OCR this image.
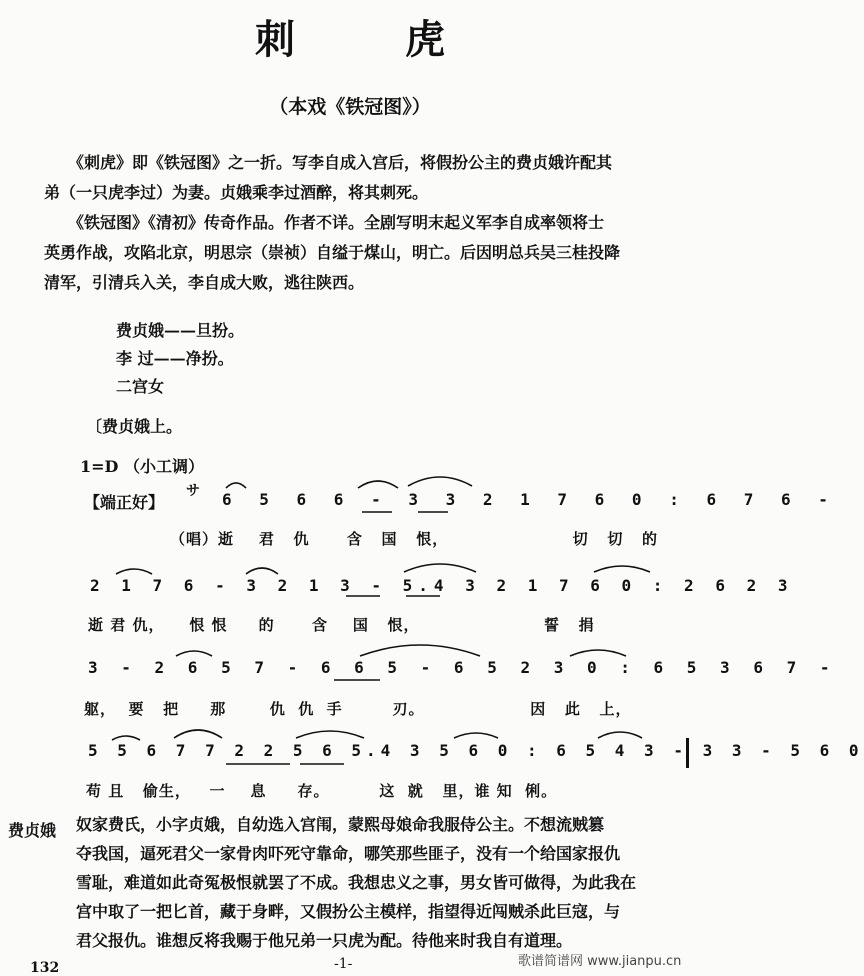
刺 虎
（本戏《铁冠图》）
《刺虎》即《铁冠图》之一折。写李自成入宫后，将假扮公主的费贞娥许配其
弟（一只虎李过）为妻。贞娥乘李过酒醉，将其刺死。
《铁冠图》《清初》传奇作品。作者不详。全剧写明末起义军李自成率领将士
英勇作战，攻陷北京，明思宗（崇祯）自缢于煤山，明亡。后因明总兵吴三桂投降
清军，引清兵入关，李自成大败，逃往陕西。
费贞娥——旦扮。
李 过——净扮。
二宫女
〔费贞娥上。
1=D （小工调）
【端正好】
サ 6 5 6 6 - 3 3 2 1 7 6 0 : 6 7 6 -
（唱）逝    君   仇      含   国   恨，                    切   切   的
2 1 7 6 - 3 2 1 3 - 5.4 3 2 1 7 6 0 : 2 6 2 3
逝 君 仇，    恨 恨     的      含    国   恨，                    誓   捐
3 - 2 6 5 7 - 6 6 5 - 6 5 2 3 0 : 6 5 3 6 7 -
躯，  要   把     那       仇  仇  手        刃。                 因   此   上，
5 5 6 7 7 2 2 5 6 5.4 3 5 6 0 : 6 5 4 3 - 3 3 - 5 6 0
苟 且   偷生，   一    息     存。        这  就   里，谁 知  俐。
费贞娥 奴家费氏，小字贞娥，自幼选入宫闱，蒙熙母娘命我服侍公主。不想流贼篡
夺我国，逼死君父一家骨肉吓死守靠命，哪笑那些匪子，没有一个给国家报仇
雪耻，难道如此奇冤极恨就罢了不成。我想忠义之事，男女皆可做得，为此我在
宫中取了一把匕首，藏于身畔，又假扮公主模样，指望得近闯贼杀此巨寇，与
君父报仇。谁想反将我赐于他兄弟一只虎为配。待他来时我自有道理。
132	-1-	歌谱简谱网 www.jianpu.cn
